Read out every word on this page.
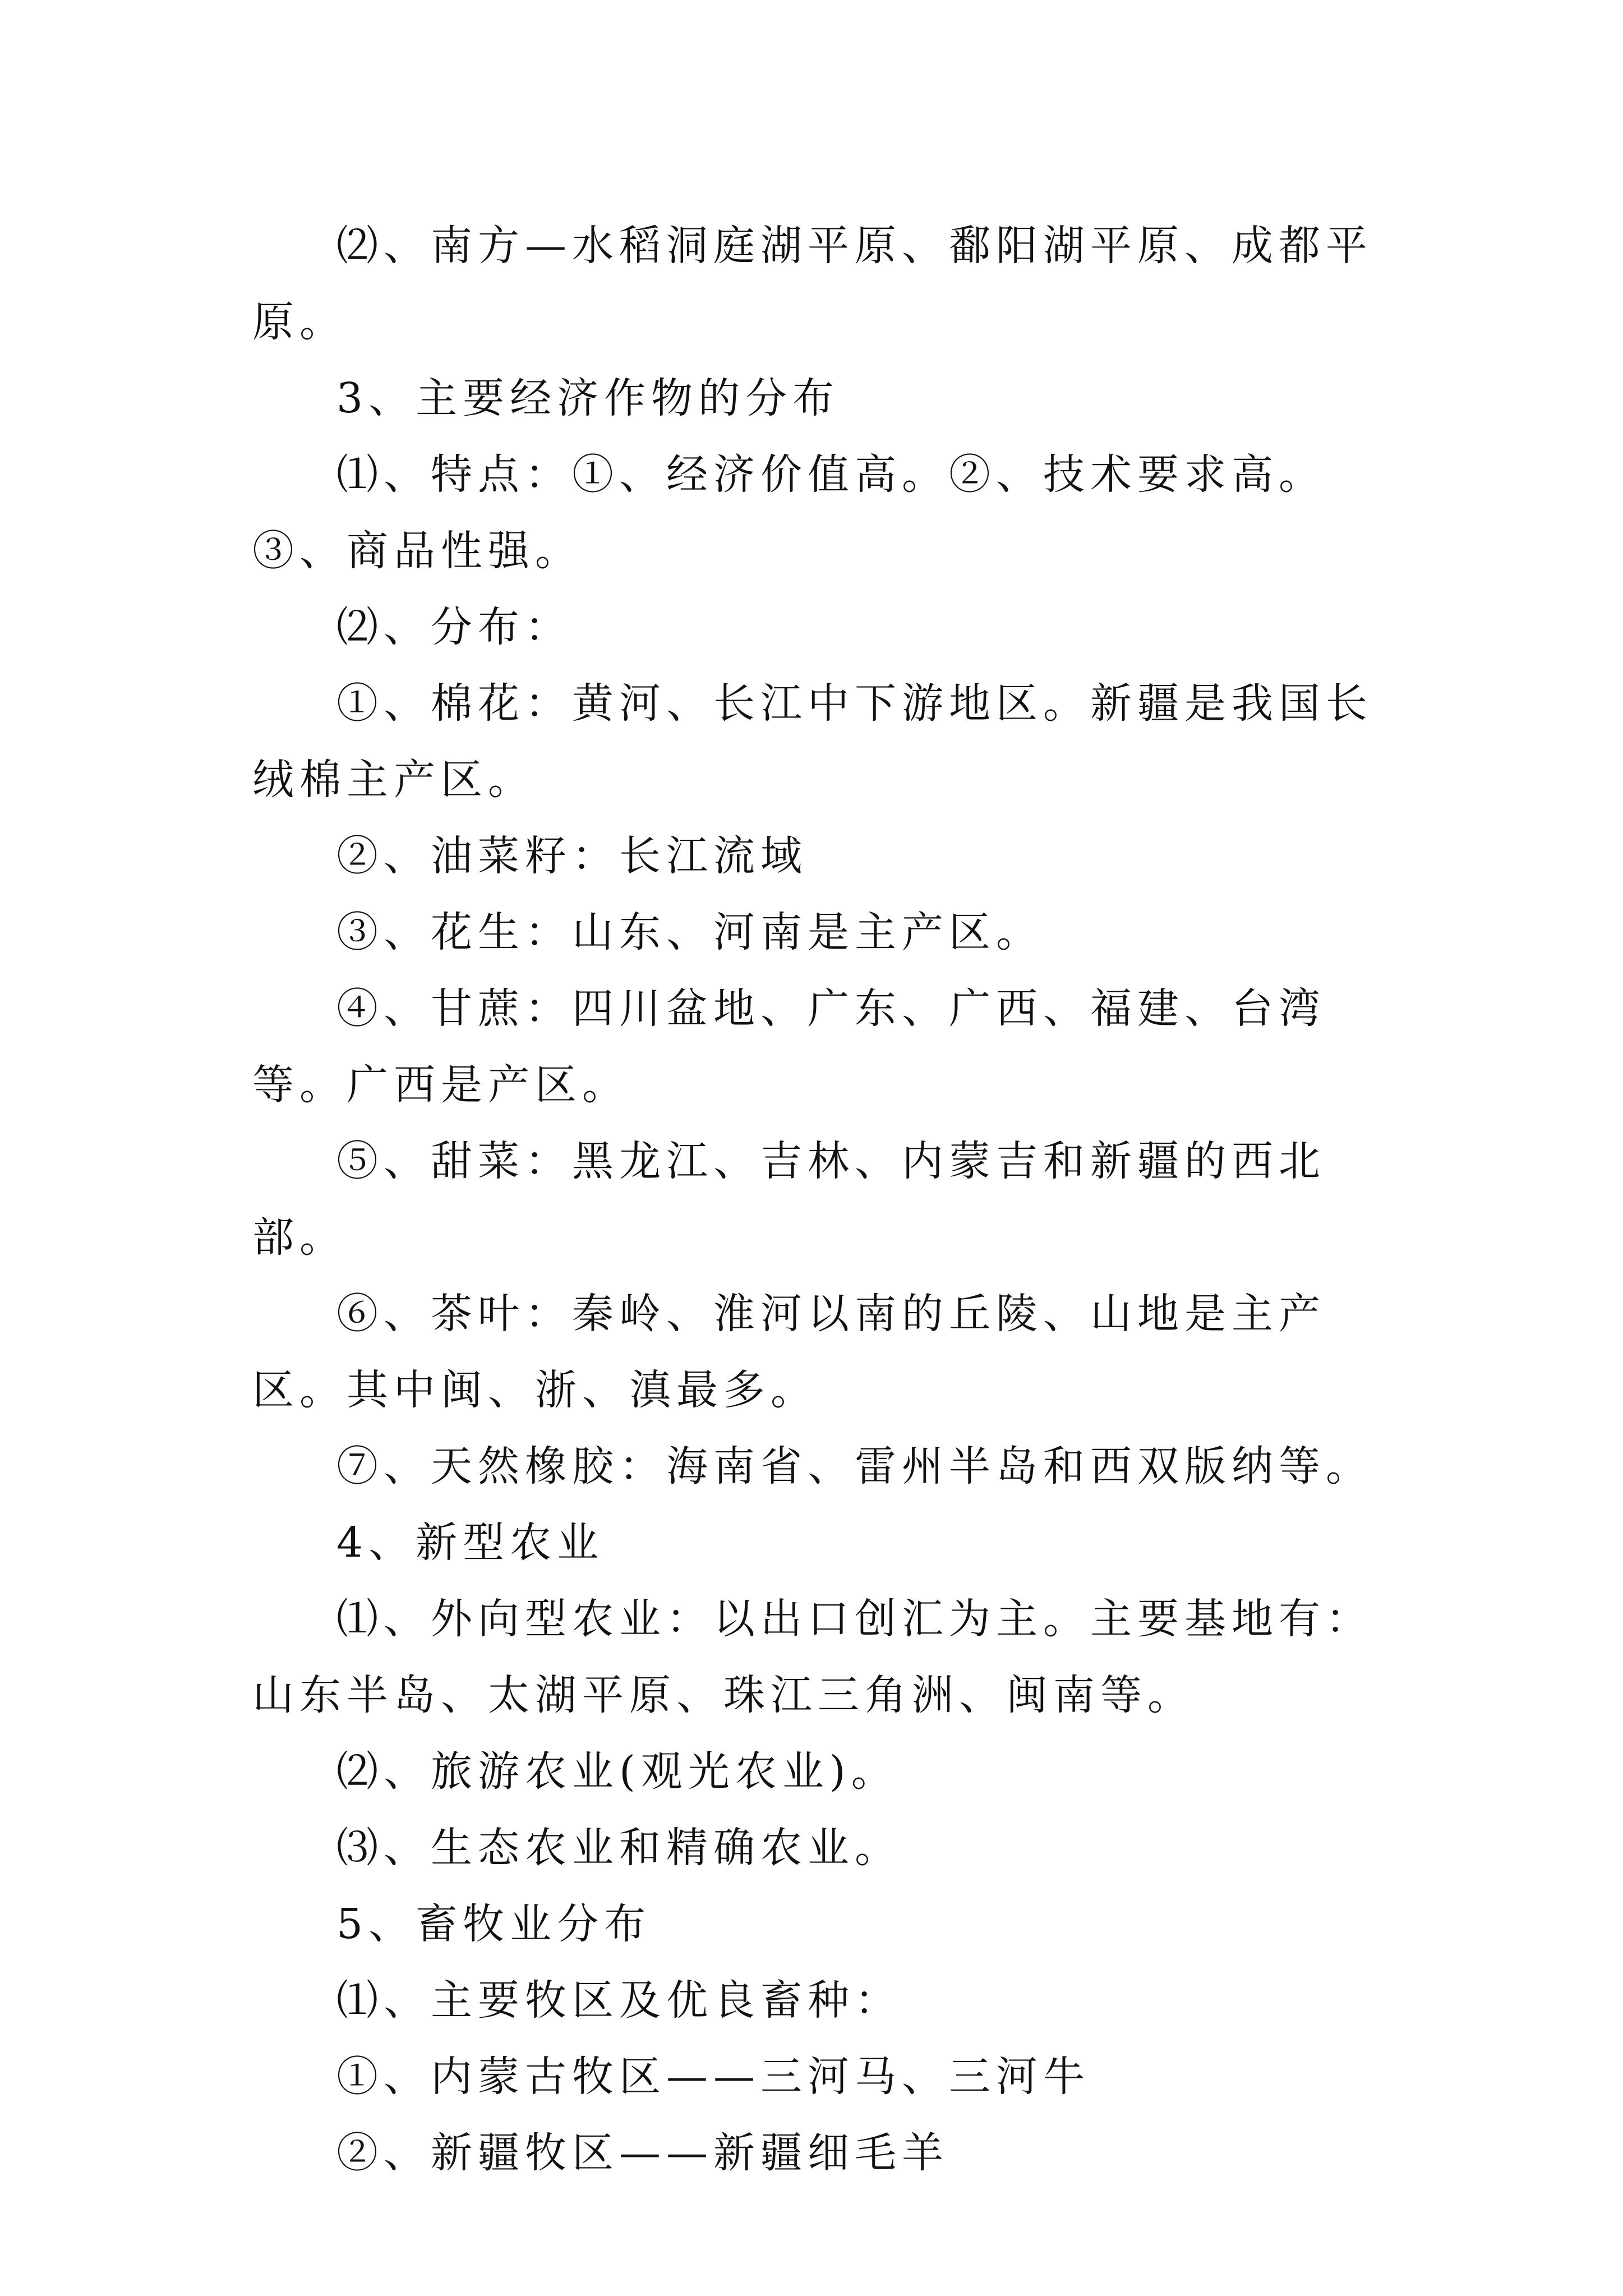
⑵、南方—水稻洞庭湖平原、鄱阳湖平原、成都平原。

3、主要经济作物的分布

⑴、特点：①、经济价值高。②、技术要求高。③、商品性强。

⑵、分布：

①、棉花：黄河、长江中下游地区。新疆是我国长绒棉主产区。

②、油菜籽：长江流域

③、花生：山东、河南是主产区。

④、甘蔗：四川盆地、广东、广西、福建、台湾等。广西是产区。

⑤、甜菜：黑龙江、吉林、内蒙吉和新疆的西北部。

⑥、茶叶：秦岭、淮河以南的丘陵、山地是主产区。其中闽、浙、滇最多。

⑦、天然橡胶：海南省、雷州半岛和西双版纳等。

4、新型农业

⑴、外向型农业：以出口创汇为主。主要基地有：山东半岛、太湖平原、珠江三角洲、闽南等。

⑵、旅游农业(观光农业)。

⑶、生态农业和精确农业。

5、畜牧业分布

⑴、主要牧区及优良畜种：

①、内蒙古牧区——三河马、三河牛

②、新疆牧区——新疆细毛羊
